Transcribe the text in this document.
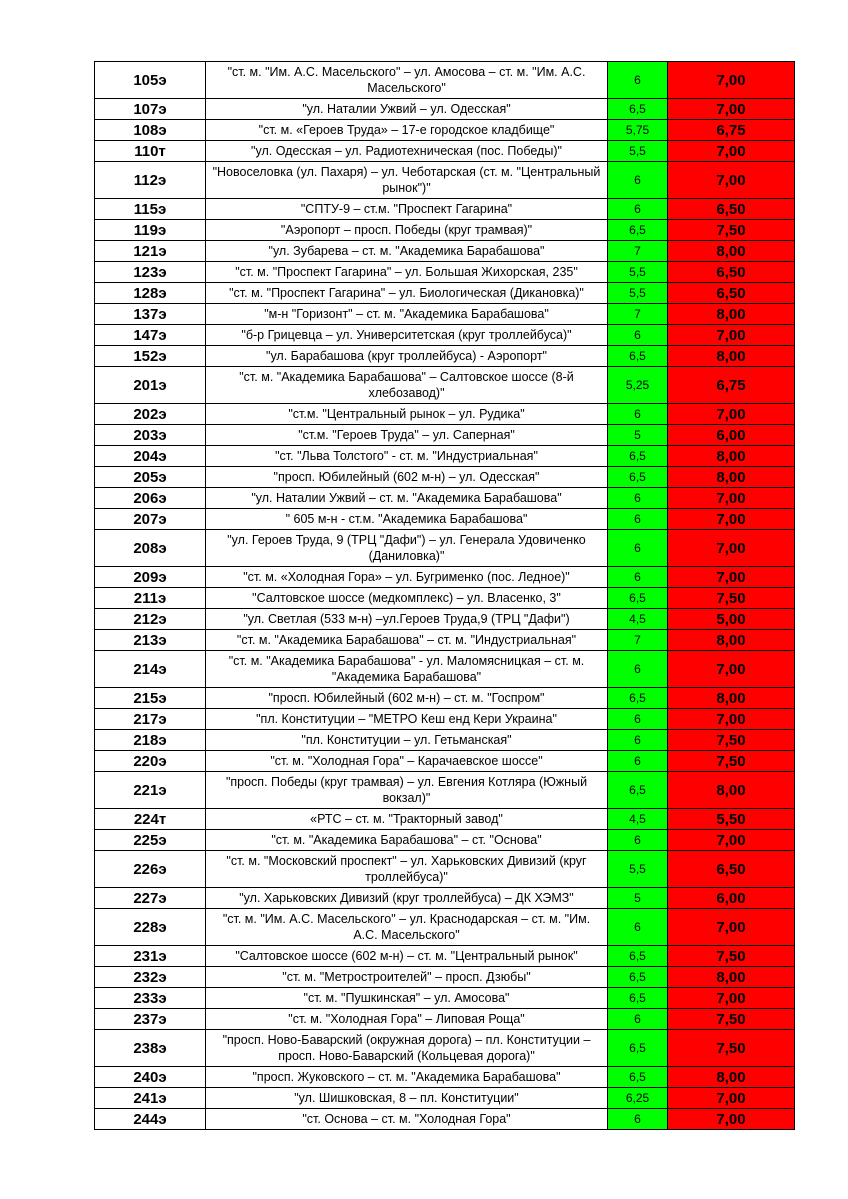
105э	"ст. м. "Им. А.С. Масельского" – ул. Амосова – ст. м. "Им. А.С. Масельского"	6	7,00
107э	"ул. Наталии Ужвий – ул. Одесская"	6,5	7,00
108э	"ст. м. «Героев Труда» – 17-е городское кладбище"	5,75	6,75
110т	"ул. Одесская – ул. Радиотехническая (пос. Победы)"	5,5	7,00
112э	"Новоселовка (ул. Пахаря) – ул. Чеботарская (ст. м. "Центральный рынок")"	6	7,00
115э	"СПТУ-9 – ст.м. "Проспект Гагарина"	6	6,50
119э	"Аэропорт – просп. Победы (круг трамвая)"	6,5	7,50
121э	"ул. Зубарева – ст. м. "Академика Барабашова"	7	8,00
123э	"ст. м. "Проспект Гагарина" – ул. Большая Жихорская, 235"	5,5	6,50
128э	"ст. м. "Проспект Гагарина" – ул. Биологическая (Дикановка)"	5,5	6,50
137э	"м-н "Горизонт" – ст. м. "Академика Барабашова"	7	8,00
147э	"б-р Грицевца – ул. Университетская (круг троллейбуса)"	6	7,00
152э	"ул. Барабашова (круг троллейбуса) - Аэропорт"	6,5	8,00
201э	"ст. м. "Академика Барабашова" – Салтовское шоссе (8-й хлебозавод)"	5,25	6,75
202э	"ст.м. "Центральный рынок – ул. Рудика"	6	7,00
203э	"ст.м. "Героев Труда" – ул. Саперная"	5	6,00
204э	"ст. "Льва Толстого" - ст. м. "Индустриальная"	6,5	8,00
205э	"просп. Юбилейный (602 м-н) – ул. Одесская"	6,5	8,00
206э	"ул. Наталии Ужвий – ст. м. "Академика Барабашова"	6	7,00
207э	" 605 м-н - ст.м. "Академика Барабашова"	6	7,00
208э	"ул. Героев Труда, 9 (ТРЦ "Дафи") – ул. Генерала Удовиченко (Даниловка)"	6	7,00
209э	"ст. м. «Холодная Гора» – ул. Бугрименко (пос. Ледное)"	6	7,00
211э	"Салтовское шоссе (медкомплекс) – ул. Власенко, 3"	6,5	7,50
212э	"ул. Светлая (533 м-н) –ул.Героев Труда,9 (ТРЦ "Дафи")	4,5	5,00
213э	"ст. м. "Академика Барабашова" – ст. м. "Индустриальная"	7	8,00
214э	"ст. м. "Академика Барабашова" - ул. Маломясницкая – ст. м. "Академика Барабашова"	6	7,00
215э	"просп. Юбилейный (602 м-н) – ст. м. "Госпром"	6,5	8,00
217э	"пл. Конституции – "МЕТРО Кеш енд Кери Украина"	6	7,00
218э	"пл. Конституции – ул. Гетьманская"	6	7,50
220э	"ст. м. "Холодная Гора" – Карачаевское шоссе"	6	7,50
221э	"просп. Победы (круг трамвая) – ул. Евгения Котляра (Южный вокзал)"	6,5	8,00
224т	«РТС – ст. м. "Тракторный завод"	4,5	5,50
225э	"ст. м. "Академика Барабашова" – ст. "Основа"	6	7,00
226э	"ст. м. "Московский проспект" – ул. Харьковских Дивизий (круг троллейбуса)"	5,5	6,50
227э	"ул. Харьковских Дивизий (круг троллейбуса) – ДК ХЭМЗ"	5	6,00
228э	"ст. м. "Им. А.С. Масельского" – ул. Краснодарская – ст. м. "Им. А.С. Масельского"	6	7,00
231э	"Салтовское шоссе (602 м-н) – ст. м. "Центральный рынок"	6,5	7,50
232э	"ст. м. "Метростроителей" – просп. Дзюбы"	6,5	8,00
233э	"ст. м. "Пушкинская" – ул. Амосова"	6,5	7,00
237э	"ст. м. "Холодная Гора" – Липовая Роща"	6	7,50
238э	"просп. Ново-Баварский (окружная дорога) – пл. Конституции – просп. Ново-Баварский (Кольцевая дорога)"	6,5	7,50
240э	"просп. Жуковского – ст. м. "Академика Барабашова"	6,5	8,00
241э	"ул. Шишковская, 8 – пл. Конституции"	6,25	7,00
244э	"ст. Основа – ст. м. "Холодная Гора"	6	7,00
